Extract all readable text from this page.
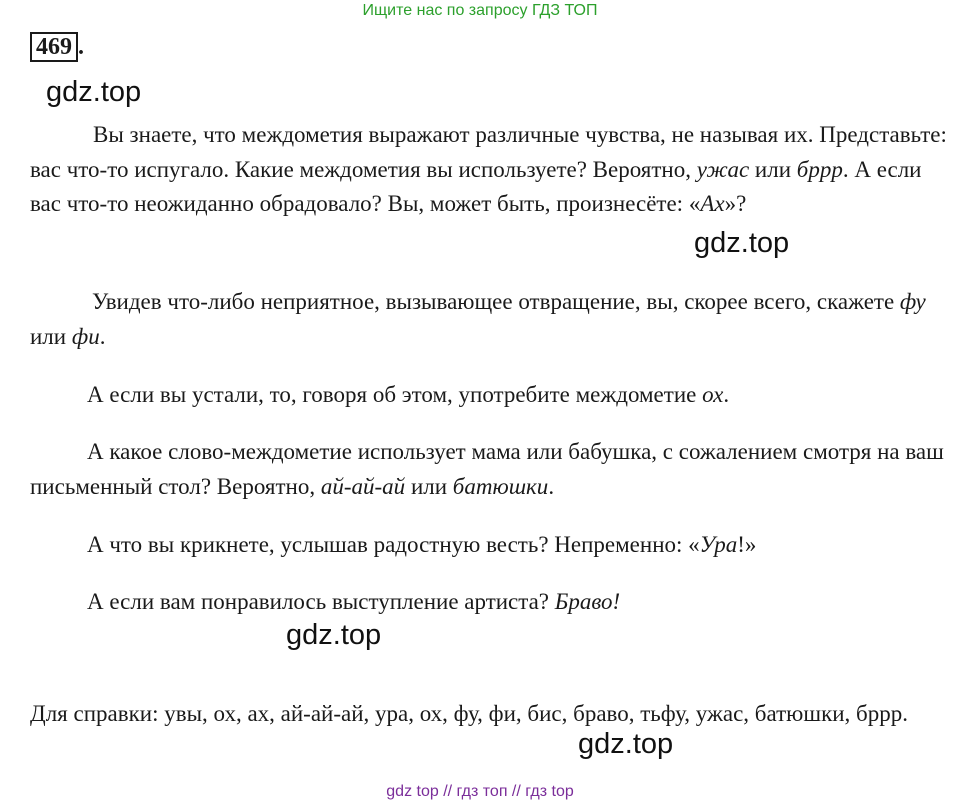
Ищите нас по запросу ГДЗ ТОП
469 .
gdz.top
gdz.top
gdz.top
gdz.top

Вы знаете, что междометия выражают различные чувства, не называя их. Представьте: вас что-то испугало. Какие междометия вы используете? Вероятно, ужас или бррр. А если вас что-то неожиданно обрадовало? Вы, может быть, произнесёте: «Ах»?

Увидев что-либо неприятное, вызывающее отвращение, вы, скорее всего, скажете фу или фи.

А если вы устали, то, говоря об этом, употребите междометие ох.

А какое слово-междометие использует мама или бабушка, с сожалением смотря на ваш письменный стол? Вероятно, ай-ай-ай или батюшки.

А что вы крикнете, услышав радостную весть? Непременно: «Ура!»

А если вам понравилось выступление артиста? Браво!

Для справки: увы, ох, ах, ай-ай-ай, ура, ох, фу, фи, бис, браво, тьфу, ужас, батюшки, бррр.

gdz top // гдз топ // гдз top
